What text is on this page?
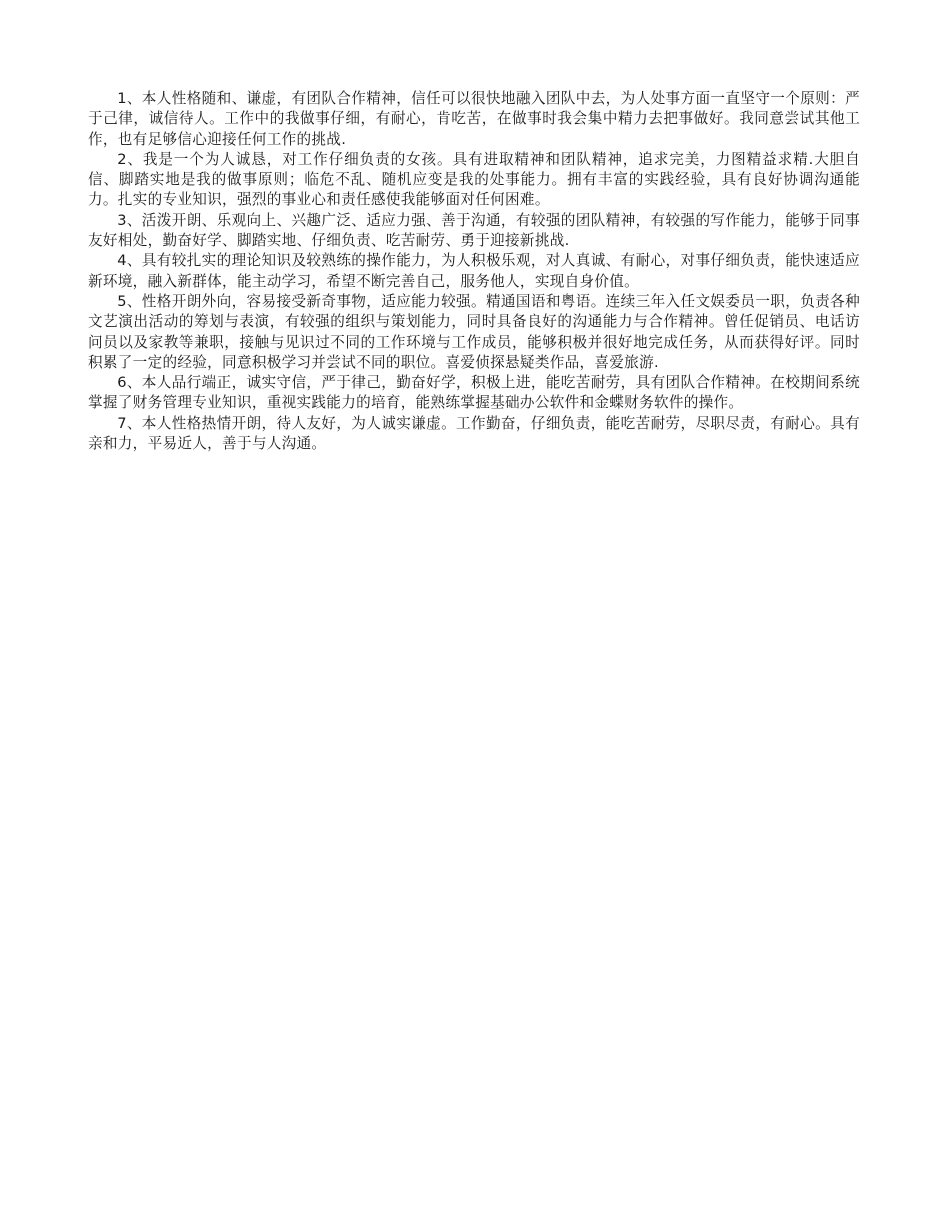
1、本人性格随和、谦虚，有团队合作精神，信任可以很快地融入团队中去，为人处事方面一直坚守一个原则：严于己律，诚信待人。工作中的我做事仔细，有耐心，肯吃苦，在做事时我会集中精力去把事做好。我同意尝试其他工作，也有足够信心迎接任何工作的挑战.

2、我是一个为人诚恳，对工作仔细负责的女孩。具有进取精神和团队精神，追求完美，力图精益求精.大胆自信、脚踏实地是我的做事原则；临危不乱、随机应变是我的处事能力。拥有丰富的实践经验，具有良好协调沟通能力。扎实的专业知识，强烈的事业心和责任感使我能够面对任何困难。

3、活泼开朗、乐观向上、兴趣广泛、适应力强、善于沟通，有较强的团队精神，有较强的写作能力，能够于同事友好相处，勤奋好学、脚踏实地、仔细负责、吃苦耐劳、勇于迎接新挑战.

4、具有较扎实的理论知识及较熟练的操作能力，为人积极乐观，对人真诚、有耐心，对事仔细负责，能快速适应新环境，融入新群体，能主动学习，希望不断完善自己，服务他人，实现自身价值。

5、性格开朗外向，容易接受新奇事物，适应能力较强。精通国语和粤语。连续三年入任文娱委员一职，负责各种文艺演出活动的筹划与表演，有较强的组织与策划能力，同时具备良好的沟通能力与合作精神。曾任促销员、电话访问员以及家教等兼职，接触与见识过不同的工作环境与工作成员，能够积极并很好地完成任务，从而获得好评。同时积累了一定的经验，同意积极学习并尝试不同的职位。喜爱侦探悬疑类作品，喜爱旅游.

6、本人品行端正，诚实守信，严于律己，勤奋好学，积极上进，能吃苦耐劳，具有团队合作精神。在校期间系统掌握了财务管理专业知识，重视实践能力的培育，能熟练掌握基础办公软件和金蝶财务软件的操作。

7、本人性格热情开朗，待人友好，为人诚实谦虚。工作勤奋，仔细负责，能吃苦耐劳，尽职尽责，有耐心。具有亲和力，平易近人，善于与人沟通。
